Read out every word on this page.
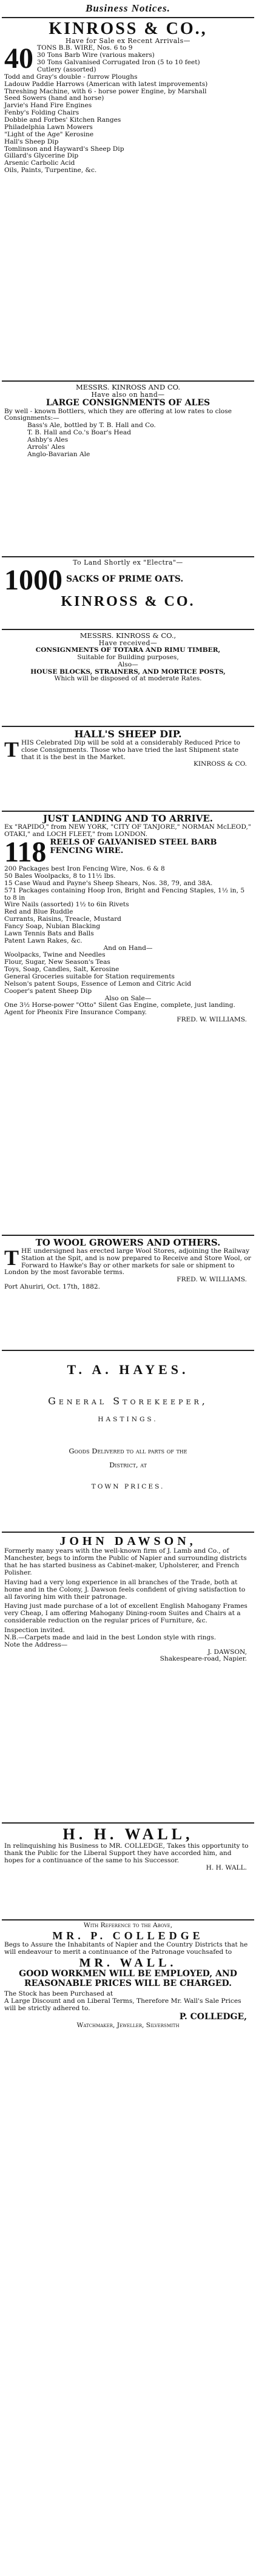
Business Notices.
KINROSS & CO.,
Have for Sale ex Recent Arrivals—
40 TONS B.B. WIRE, Nos. 6 to 9
30 Tons Barb Wire (various makers)
30 Tons Galvanised Corrugated Iron (5 to 10 feet)
Cutlery (assorted)
Todd and Gray's double - furrow Ploughs
Ladouw Paddie Harrows (American with latest improvements)
Threshing Machine, with 6 - horse power Engine, by Marshall
Seed Sowers (hand and horse)
Jarvie's Hand Fire Engines
Fenby's Folding Chairs
Dobbie and Forbes' Kitchen Ranges
Philadelphia Lawn Mowers
"Light of the Age" Kerosine
Hall's Sheep Dip
Tomlinson and Hayward's Sheep Dip
Gillard's Glycerine Dip
Arsenic Carbolic Acid
Oils, Paints, Turpentine, &c.
MESSRS. KINROSS AND CO.
Have also on hand—
LARGE CONSIGNMENTS OF ALES
By well - known Bottlers, which they are offering at low rates to close Consignments:—
Bass's Ale, bottled by T. B. Hall and Co.
T. B. Hall and Co.'s Boar's Head
Ashby's Ales
Arrols' Ales
Anglo-Bavarian Ale
To Land Shortly ex "Electra"—
1000 SACKS OF PRIME OATS.
KINROSS & CO.
MESSRS. KINROSS & CO.,
Have received—
CONSIGNMENTS OF TOTARA AND RIMU TIMBER,
Suitable for Building purposes,
Also—
HOUSE BLOCKS, STRAINERS, AND MORTICE POSTS,
Which will be disposed of at moderate Rates.
HALL'S SHEEP DIP.
T HIS Celebrated Dip will be sold at a considerably Reduced Price to close Consignments. Those who have tried the last Shipment state that it is the best in the Market.
KINROSS & CO.
JUST LANDING AND TO ARRIVE.
Ex "RAPIDO," from NEW YORK, "CITY OF TANJORE," NORMAN McLEOD," OTAKI," and LOCH FLEET," from LONDON.
118 REELS OF GALVANISED STEEL BARB FENCING WIRE.
200 Packages best Iron Fencing Wire, Nos. 6 & 8
50 Bales Woolpacks, 8 to 11½ lbs.
15 Case Waud and Payne's Sheep Shears, Nos. 38, 79, and 38A.
571 Packages containing Hoop Iron, Bright and Fencing Staples, 1½ in, 5 to 8 in
Wire Nails (assorted) 1½ to 6in Rivets
Red and Blue Ruddle
Currants, Raisins, Treacle, Mustard
Fancy Soap, Nubian Blacking
Lawn Tennis Bats and Balls
Patent Lawn Rakes, &c.
And on Hand—
Woolpacks, Twine and Needles
Flour, Sugar, New Season's Teas
Toys, Soap, Candles, Salt, Kerosine
General Groceries suitable for Station requirements
Nelson's patent Soups, Essence of Lemon and Citric Acid
Cooper's patent Sheep Dip
Also on Sale—
One 3½ Horse-power "Otto" Silent Gas Engine, complete, just landing.
Agent for Pheonix Fire Insurance Company.
FRED. W. WILLIAMS.
TO WOOL GROWERS AND OTHERS.
T HE undersigned has erected large Wool Stores, adjoining the Railway Station at the Spit, and is now prepared to Receive and Store Wool, or Forward to Hawke's Bay or other markets for sale or shipment to London by the most favorable terms.
FRED. W. WILLIAMS.
Port Ahuriri, Oct. 17th, 1882.
T. A. HAYES.
General Storekeeper,
HASTINGS.
Goods Delivered to all parts of the
District, at
TOWN PRICES.
JOHN DAWSON,
Formerly many years with the well-known firm of J. Lamb and Co., of Manchester, begs to inform the Public of Napier and surrounding districts that he has started business as Cabinet-maker, Upholsterer, and French Polisher.
Having had a very long experience in all branches of the Trade, both at home and in the Colony, J. Dawson feels confident of giving satisfaction to all favoring him with their patronage.
Having just made purchase of a lot of excellent English Mahogany Frames very Cheap, I am offering Mahogany Dining-room Suites and Chairs at a considerable reduction on the regular prices of Furniture, &c.
Inspection invited.
N.B.—Carpets made and laid in the best London style with rings.
Note the Address—
J. DAWSON,
Shakespeare-road, Napier.
H. H. WALL,
In relinquishing his Business to MR. COLLEDGE, Takes this opportunity to thank the Public for the Liberal Support they have accorded him, and hopes for a continuance of the same to his Successor.
H. H. WALL.
With Reference to the Above,
MR. P. COLLEDGE
Begs to Assure the Inhabitants of Napier and the Country Districts that he will endeavour to merit a continuance of the Patronage vouchsafed to
MR. WALL.
GOOD WORKMEN WILL BE EMPLOYED, AND REASONABLE PRICES WILL BE CHARGED.
The Stock has been Purchased at
A Large Discount and on Liberal Terms, Therefore Mr. Wall's Sale Prices will be strictly adhered to.
P. COLLEDGE,
Watchmaker, Jeweller, Silversmith
